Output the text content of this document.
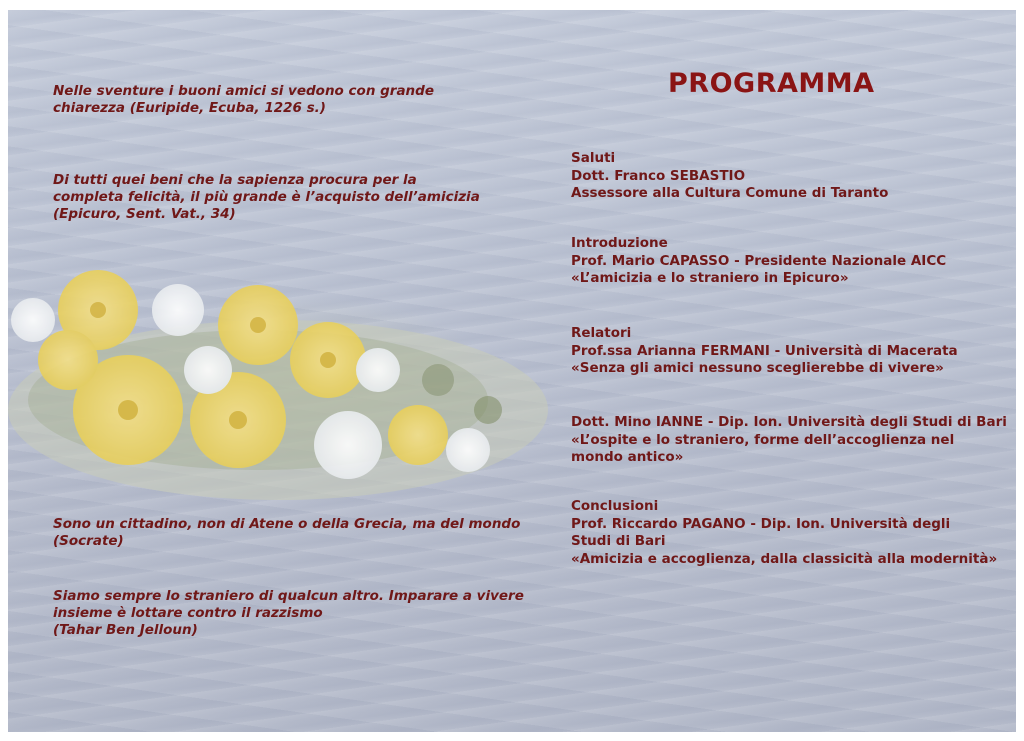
Nelle sventure i buoni amici si vedono con grande
chiarezza (Euripide, Ecuba, 1226 s.)

Di tutti quei beni che la sapienza procura per la
completa felicità, il più grande è l’acquisto dell’amicizia
(Epicuro, Sent. Vat., 34)

Sono un cittadino, non di Atene o della Grecia, ma del mondo
(Socrate)

Siamo sempre lo straniero di qualcun altro. Imparare a vivere
insieme è lottare contro il razzismo
(Tahar Ben Jelloun)

PROGRAMMA
Saluti
Dott. Franco SEBASTIO
Assessore alla Cultura Comune di Taranto
Introduzione
Prof. Mario CAPASSO - Presidente Nazionale AICC
«L’amicizia e lo straniero in Epicuro»
Relatori
Prof.ssa Arianna FERMANI - Università di Macerata
«Senza gli amici nessuno sceglierebbe di vivere»
Dott. Mino IANNE - Dip. Ion. Università degli Studi di Bari
«L’ospite e lo straniero, forme dell’accoglienza nel
mondo antico»
Conclusioni
Prof. Riccardo PAGANO - Dip. Ion. Università degli
Studi di Bari
«Amicizia e accoglienza, dalla classicità alla modernità»
